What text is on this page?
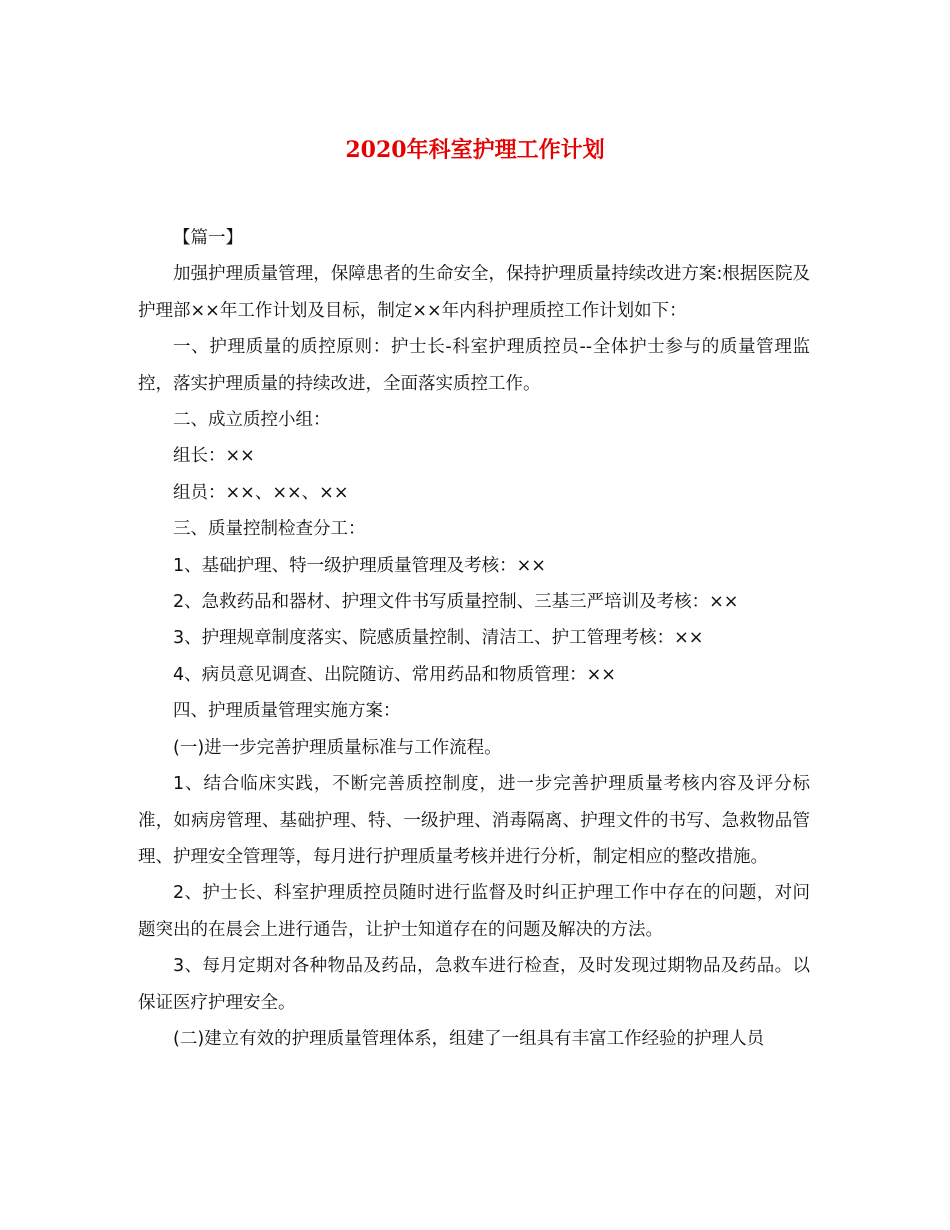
2020年科室护理工作计划

【篇一】

加强护理质量管理，保障患者的生命安全，保持护理质量持续改进方案:根据医院及护理部××年工作计划及目标，制定××年内科护理质控工作计划如下：

一、护理质量的质控原则：护士长-科室护理质控员--全体护士参与的质量管理监控，落实护理质量的持续改进，全面落实质控工作。

二、成立质控小组：

组长：××

组员：××、××、××

三、质量控制检查分工：

1、基础护理、特一级护理质量管理及考核：××

2、急救药品和器材、护理文件书写质量控制、三基三严培训及考核：××

3、护理规章制度落实、院感质量控制、清洁工、护工管理考核：××

4、病员意见调查、出院随访、常用药品和物质管理：××

四、护理质量管理实施方案：

(一)进一步完善护理质量标准与工作流程。

1、结合临床实践，不断完善质控制度，进一步完善护理质量考核内容及评分标准，如病房管理、基础护理、特、一级护理、消毒隔离、护理文件的书写、急救物品管理、护理安全管理等，每月进行护理质量考核并进行分析，制定相应的整改措施。

2、护士长、科室护理质控员随时进行监督及时纠正护理工作中存在的问题，对问题突出的在晨会上进行通告，让护士知道存在的问题及解决的方法。

3、每月定期对各种物品及药品，急救车进行检查，及时发现过期物品及药品。以保证医疗护理安全。

(二)建立有效的护理质量管理体系，组建了一组具有丰富工作经验的护理人员
